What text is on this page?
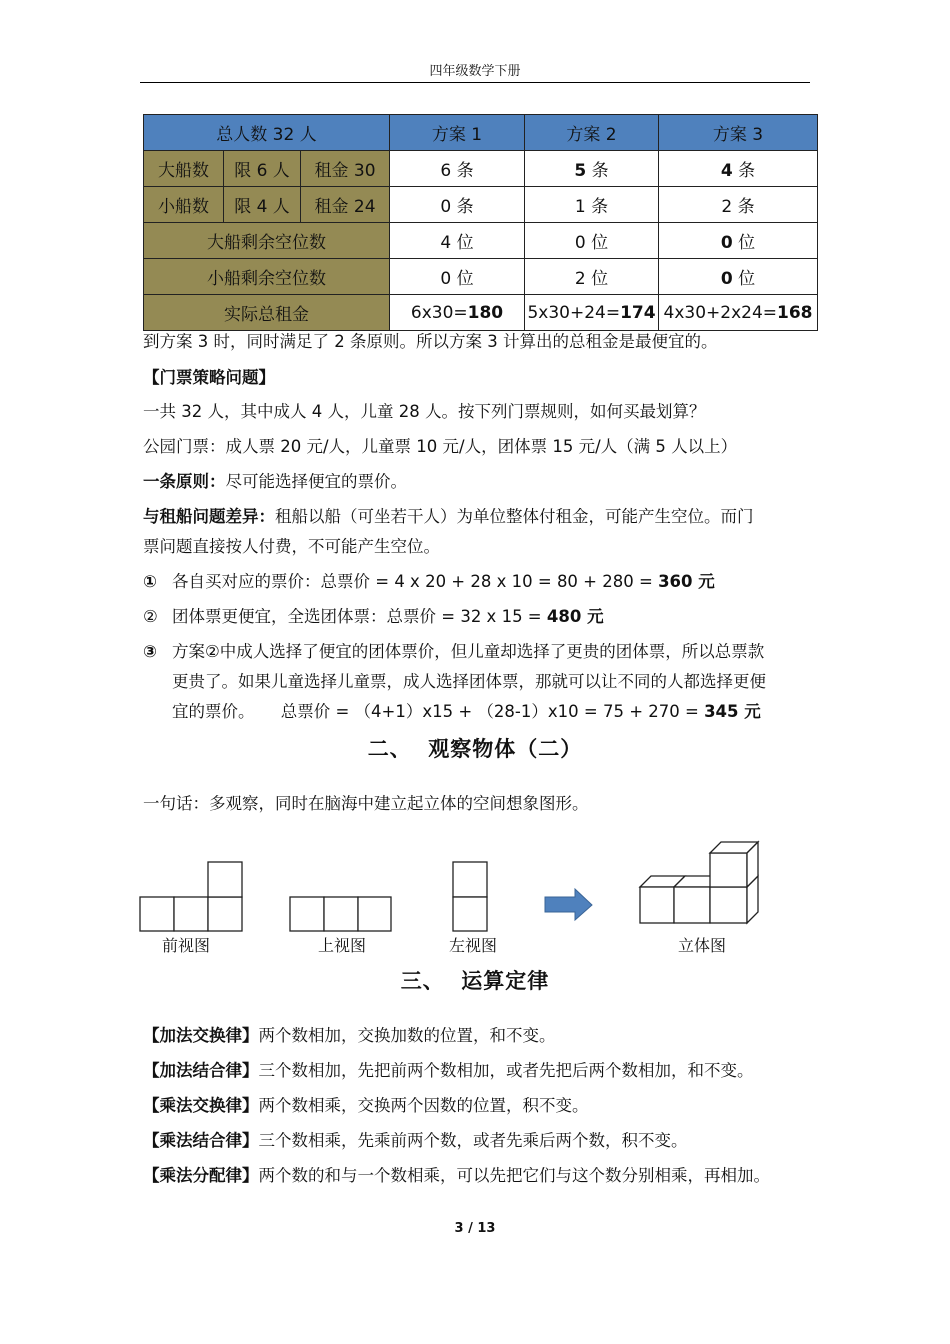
四年级数学下册
总人数 32 人			方案 1	方案 2	方案 3
大船数	限 6 人	租金 30	6 条	5 条	4 条
小船数	限 4 人	租金 24	0 条	1 条	2 条
大船剩余空位数			4 位	0 位	0 位
小船剩余空位数			0 位	2 位	0 位
实际总租金			6x30=180	5x30+24=174	4x30+2x24=168
到方案 3 时，同时满足了 2 条原则。所以方案 3 计算出的总租金是最便宜的。
【门票策略问题】
一共 32 人，其中成人 4 人，儿童 28 人。按下列门票规则，如何买最划算？
公园门票：成人票 20 元/人，儿童票 10 元/人，团体票 15 元/人（满 5 人以上）
一条原则：尽可能选择便宜的票价。
与租船问题差异：租船以船（可坐若干人）为单位整体付租金，可能产生空位。而门
票问题直接按人付费，不可能产生空位。
① 各自买对应的票价：总票价 = 4 x 20 + 28 x 10 = 80 + 280 = 360 元
② 团体票更便宜，全选团体票：总票价 = 32 x 15 = 480 元
③ 方案②中成人选择了便宜的团体票价，但儿童却选择了更贵的团体票，所以总票款
更贵了。如果儿童选择儿童票，成人选择团体票，那就可以让不同的人都选择更便
宜的票价。     总票价 = （4+1）x15 + （28-1）x10 = 75 + 270 = 345 元
二、  观察物体（二）
一句话：多观察，同时在脑海中建立起立体的空间想象图形。
前视图	上视图	左视图	立体图
三、  运算定律
【加法交换律】两个数相加，交换加数的位置，和不变。
【加法结合律】三个数相加，先把前两个数相加，或者先把后两个数相加，和不变。
【乘法交换律】两个数相乘，交换两个因数的位置，积不变。
【乘法结合律】三个数相乘，先乘前两个数，或者先乘后两个数，积不变。
【乘法分配律】两个数的和与一个数相乘，可以先把它们与这个数分别相乘，再相加。
3 / 13
